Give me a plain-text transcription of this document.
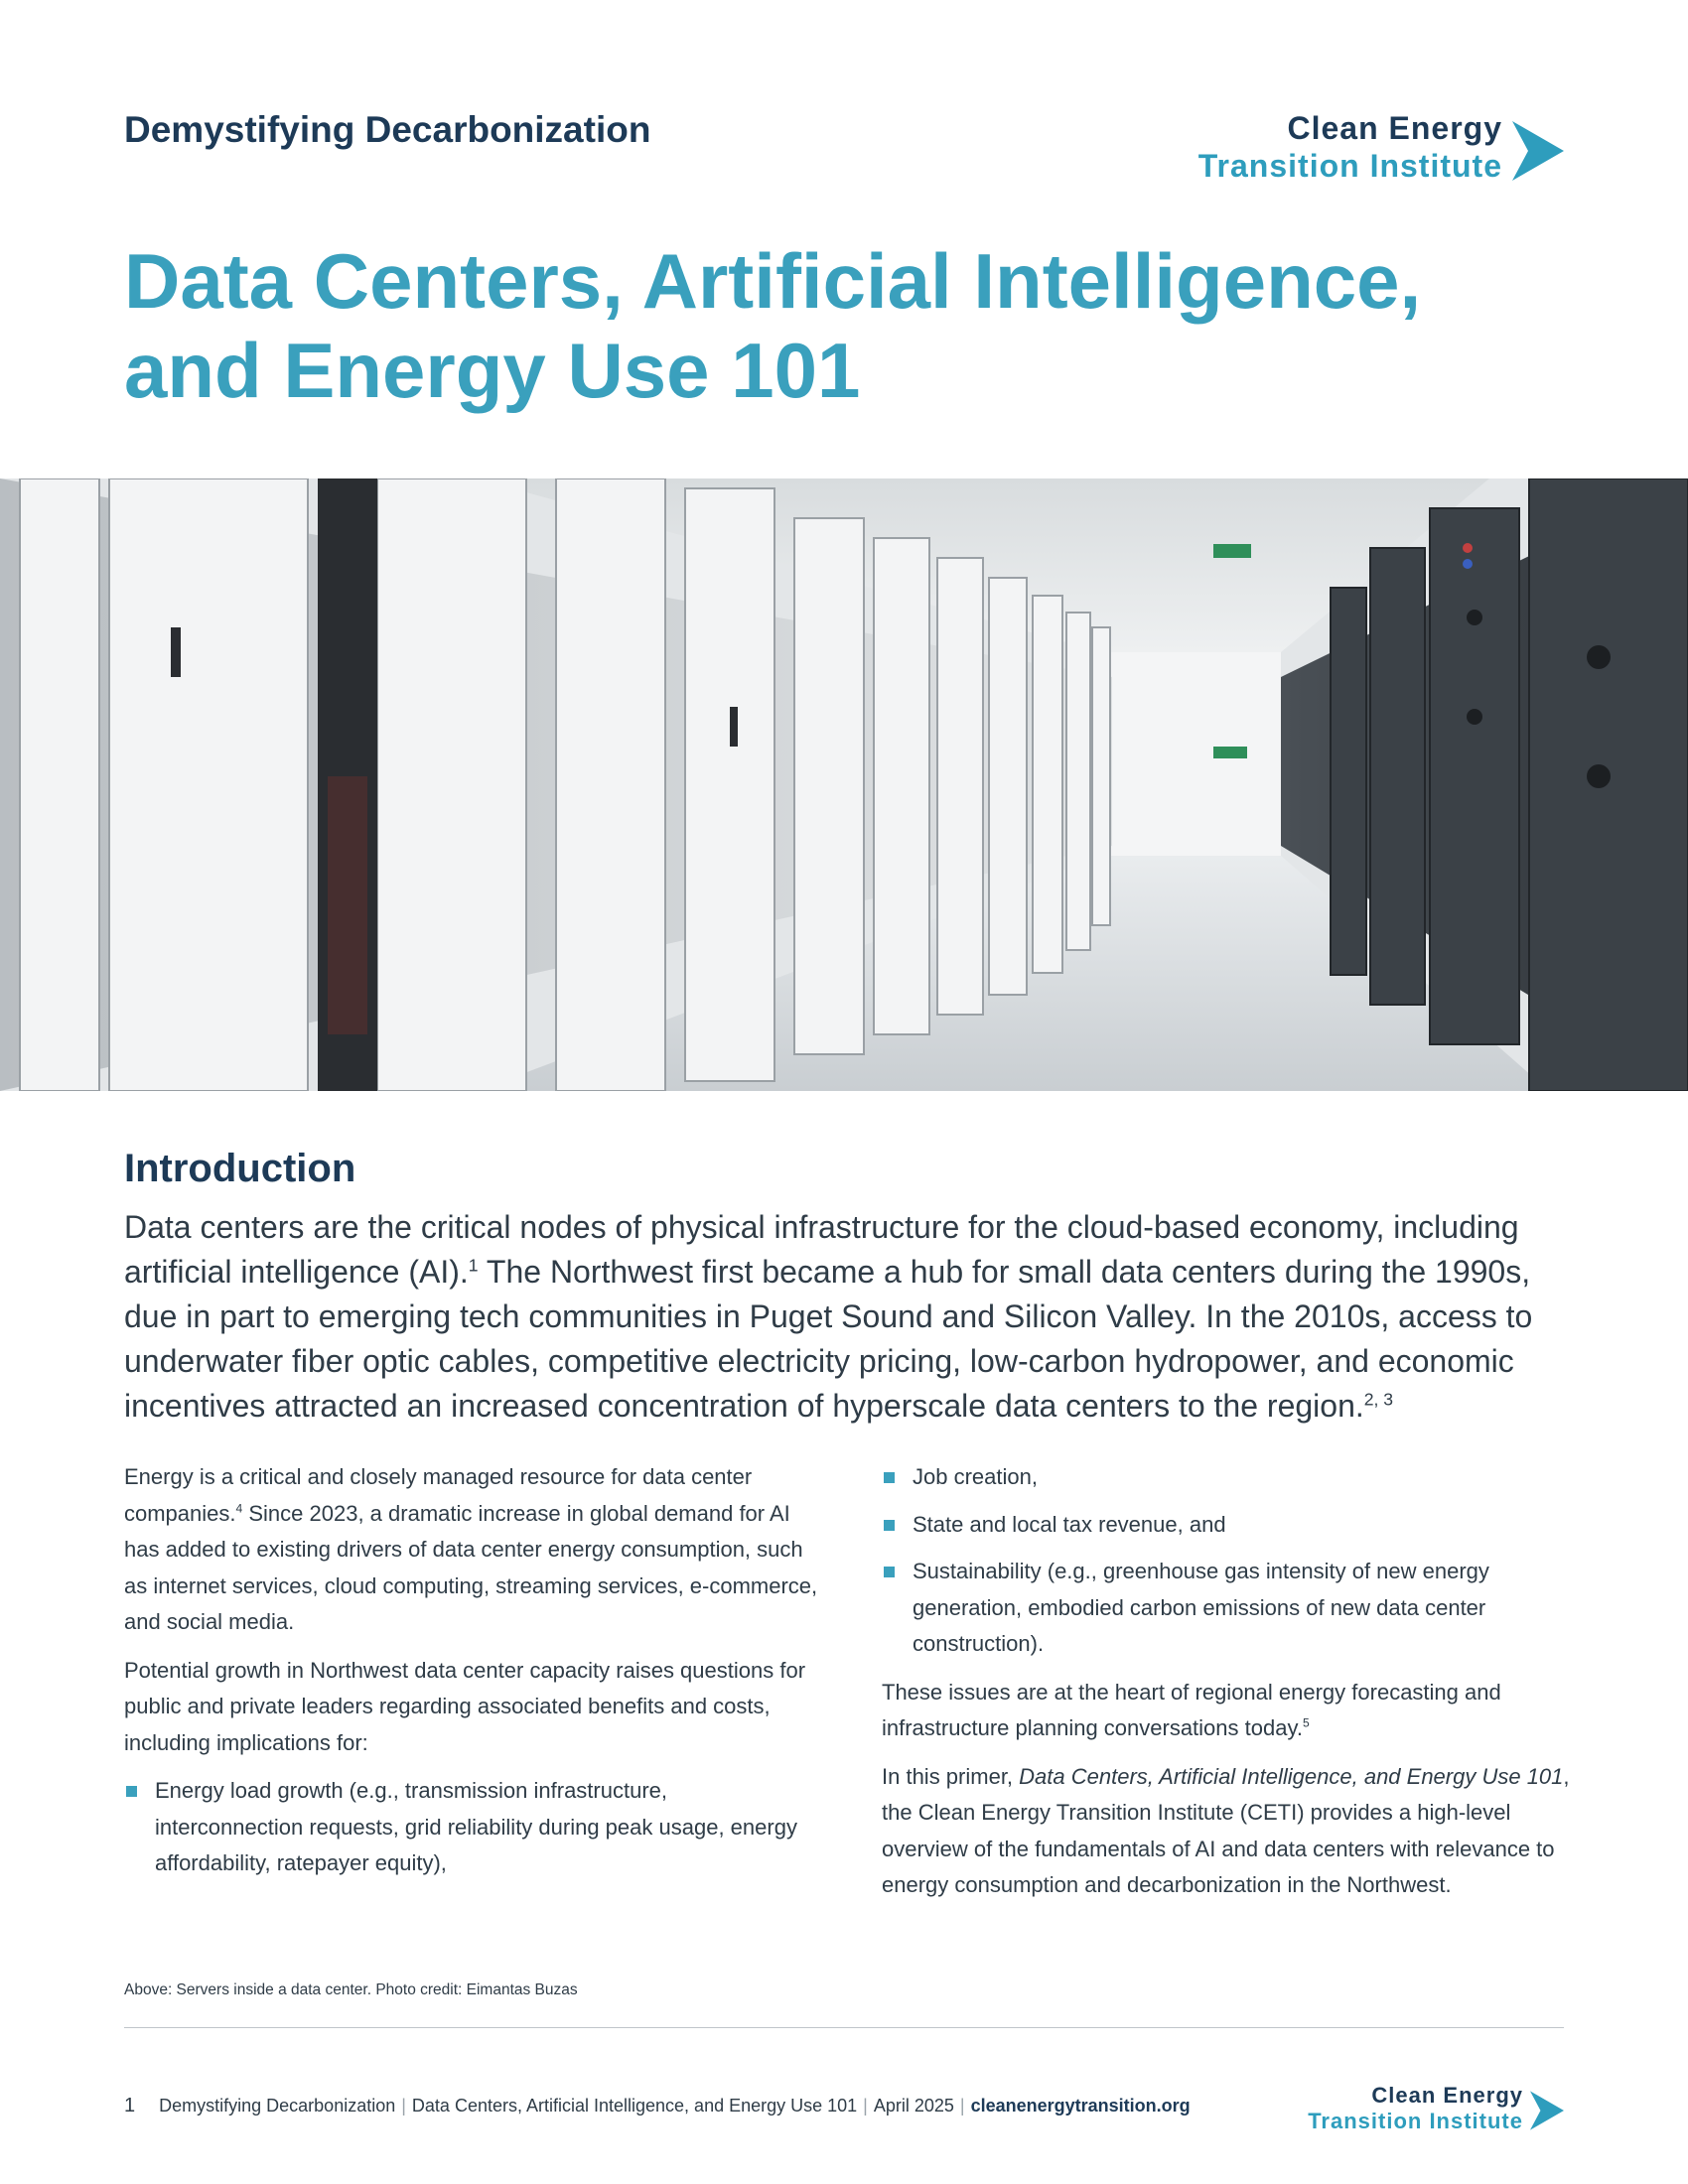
Demystifying Decarbonization	Clean Energy
Transition Institute
Data Centers, Artificial Intelligence,
and Energy Use 101
Introduction

Data centers are the critical nodes of physical infrastructure for the cloud-based economy, including artificial intelligence (AI).$^1$ The Northwest first became a hub for small data centers during the 1990s, due in part to emerging tech communities in Puget Sound and Silicon Valley. In the 2010s, access to underwater fiber optic cables, competitive electricity pricing, low-carbon hydropower, and economic incentives attracted an increased concentration of hyperscale data centers to the region.$^{2, 3}$

Energy is a critical and closely managed resource for data center companies.$^4$ Since 2023, a dramatic increase in global demand for AI has added to existing drivers of data center energy consumption, such as internet services, cloud computing, streaming services, e-commerce, and social media.

Potential growth in Northwest data center capacity raises questions for public and private leaders regarding associated benefits and costs, including implications for:

Energy load growth (e.g., transmission infrastructure, interconnection requests, grid reliability during peak usage, energy affordability, ratepayer equity),
Job creation,
State and local tax revenue, and
Sustainability (e.g., greenhouse gas intensity of new energy generation, embodied carbon emissions of new data center construction).

These issues are at the heart of regional energy forecasting and infrastructure planning conversations today.$^5$

In this primer, Data Centers, Artificial Intelligence, and Energy Use 101, the Clean Energy Transition Institute (CETI) provides a high-level overview of the fundamentals of AI and data centers with relevance to energy consumption and decarbonization in the Northwest.

Above: Servers inside a data center. Photo credit: Eimantas Buzas
1 Demystifying Decarbonization | Data Centers, Artificial Intelligence, and Energy Use 101 | April 2025 | cleanenergytransition.org	Clean Energy
Transition Institute
